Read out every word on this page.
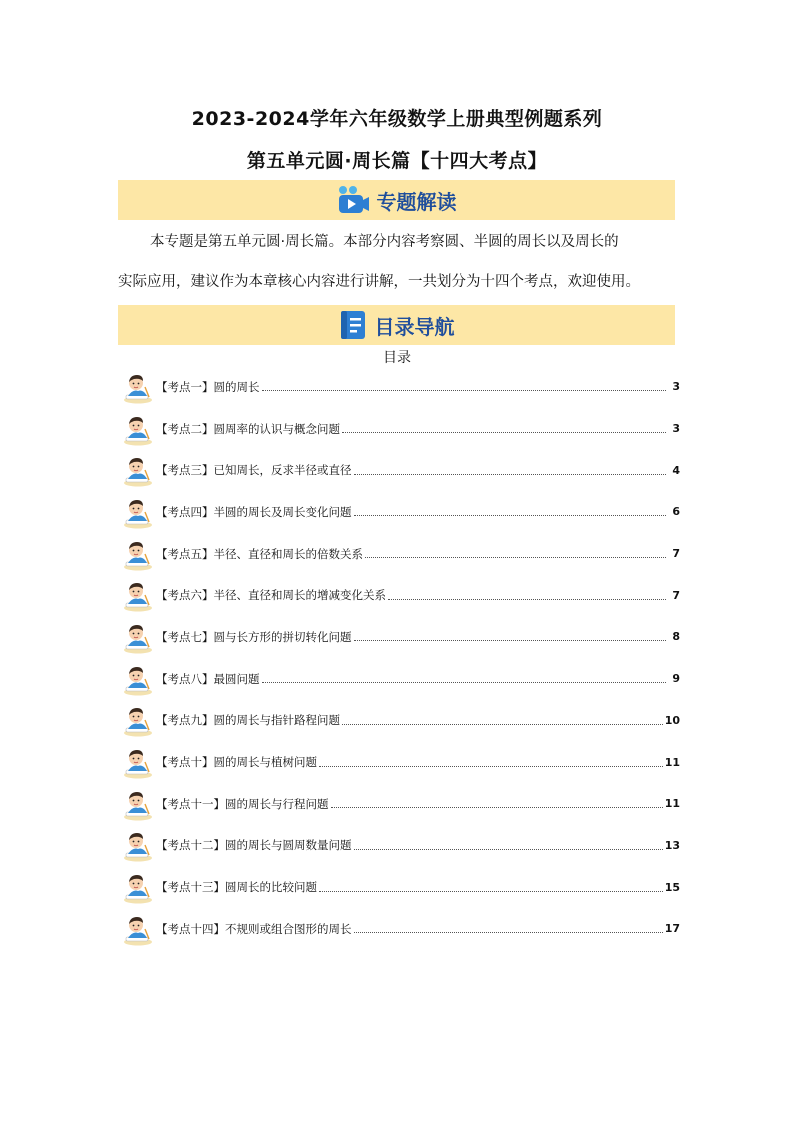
2023-2024学年六年级数学上册典型例题系列
第五单元圆·周长篇【十四大考点】
专题解读
本专题是第五单元圆·周长篇。本部分内容考察圆、半圆的周长以及周长的
实际应用，建议作为本章核心内容进行讲解，一共划分为十四个考点，欢迎使用。
目录导航
目录
【考点一】圆的周长	3
【考点二】圆周率的认识与概念问题	3
【考点三】已知周长，反求半径或直径	4
【考点四】半圆的周长及周长变化问题	6
【考点五】半径、直径和周长的倍数关系	7
【考点六】半径、直径和周长的增减变化关系	7
【考点七】圆与长方形的拼切转化问题	8
【考点八】最圆问题	9
【考点九】圆的周长与指针路程问题	10
【考点十】圆的周长与植树问题	11
【考点十一】圆的周长与行程问题	11
【考点十二】圆的周长与圆周数量问题	13
【考点十三】圆周长的比较问题	15
【考点十四】不规则或组合图形的周长	17
